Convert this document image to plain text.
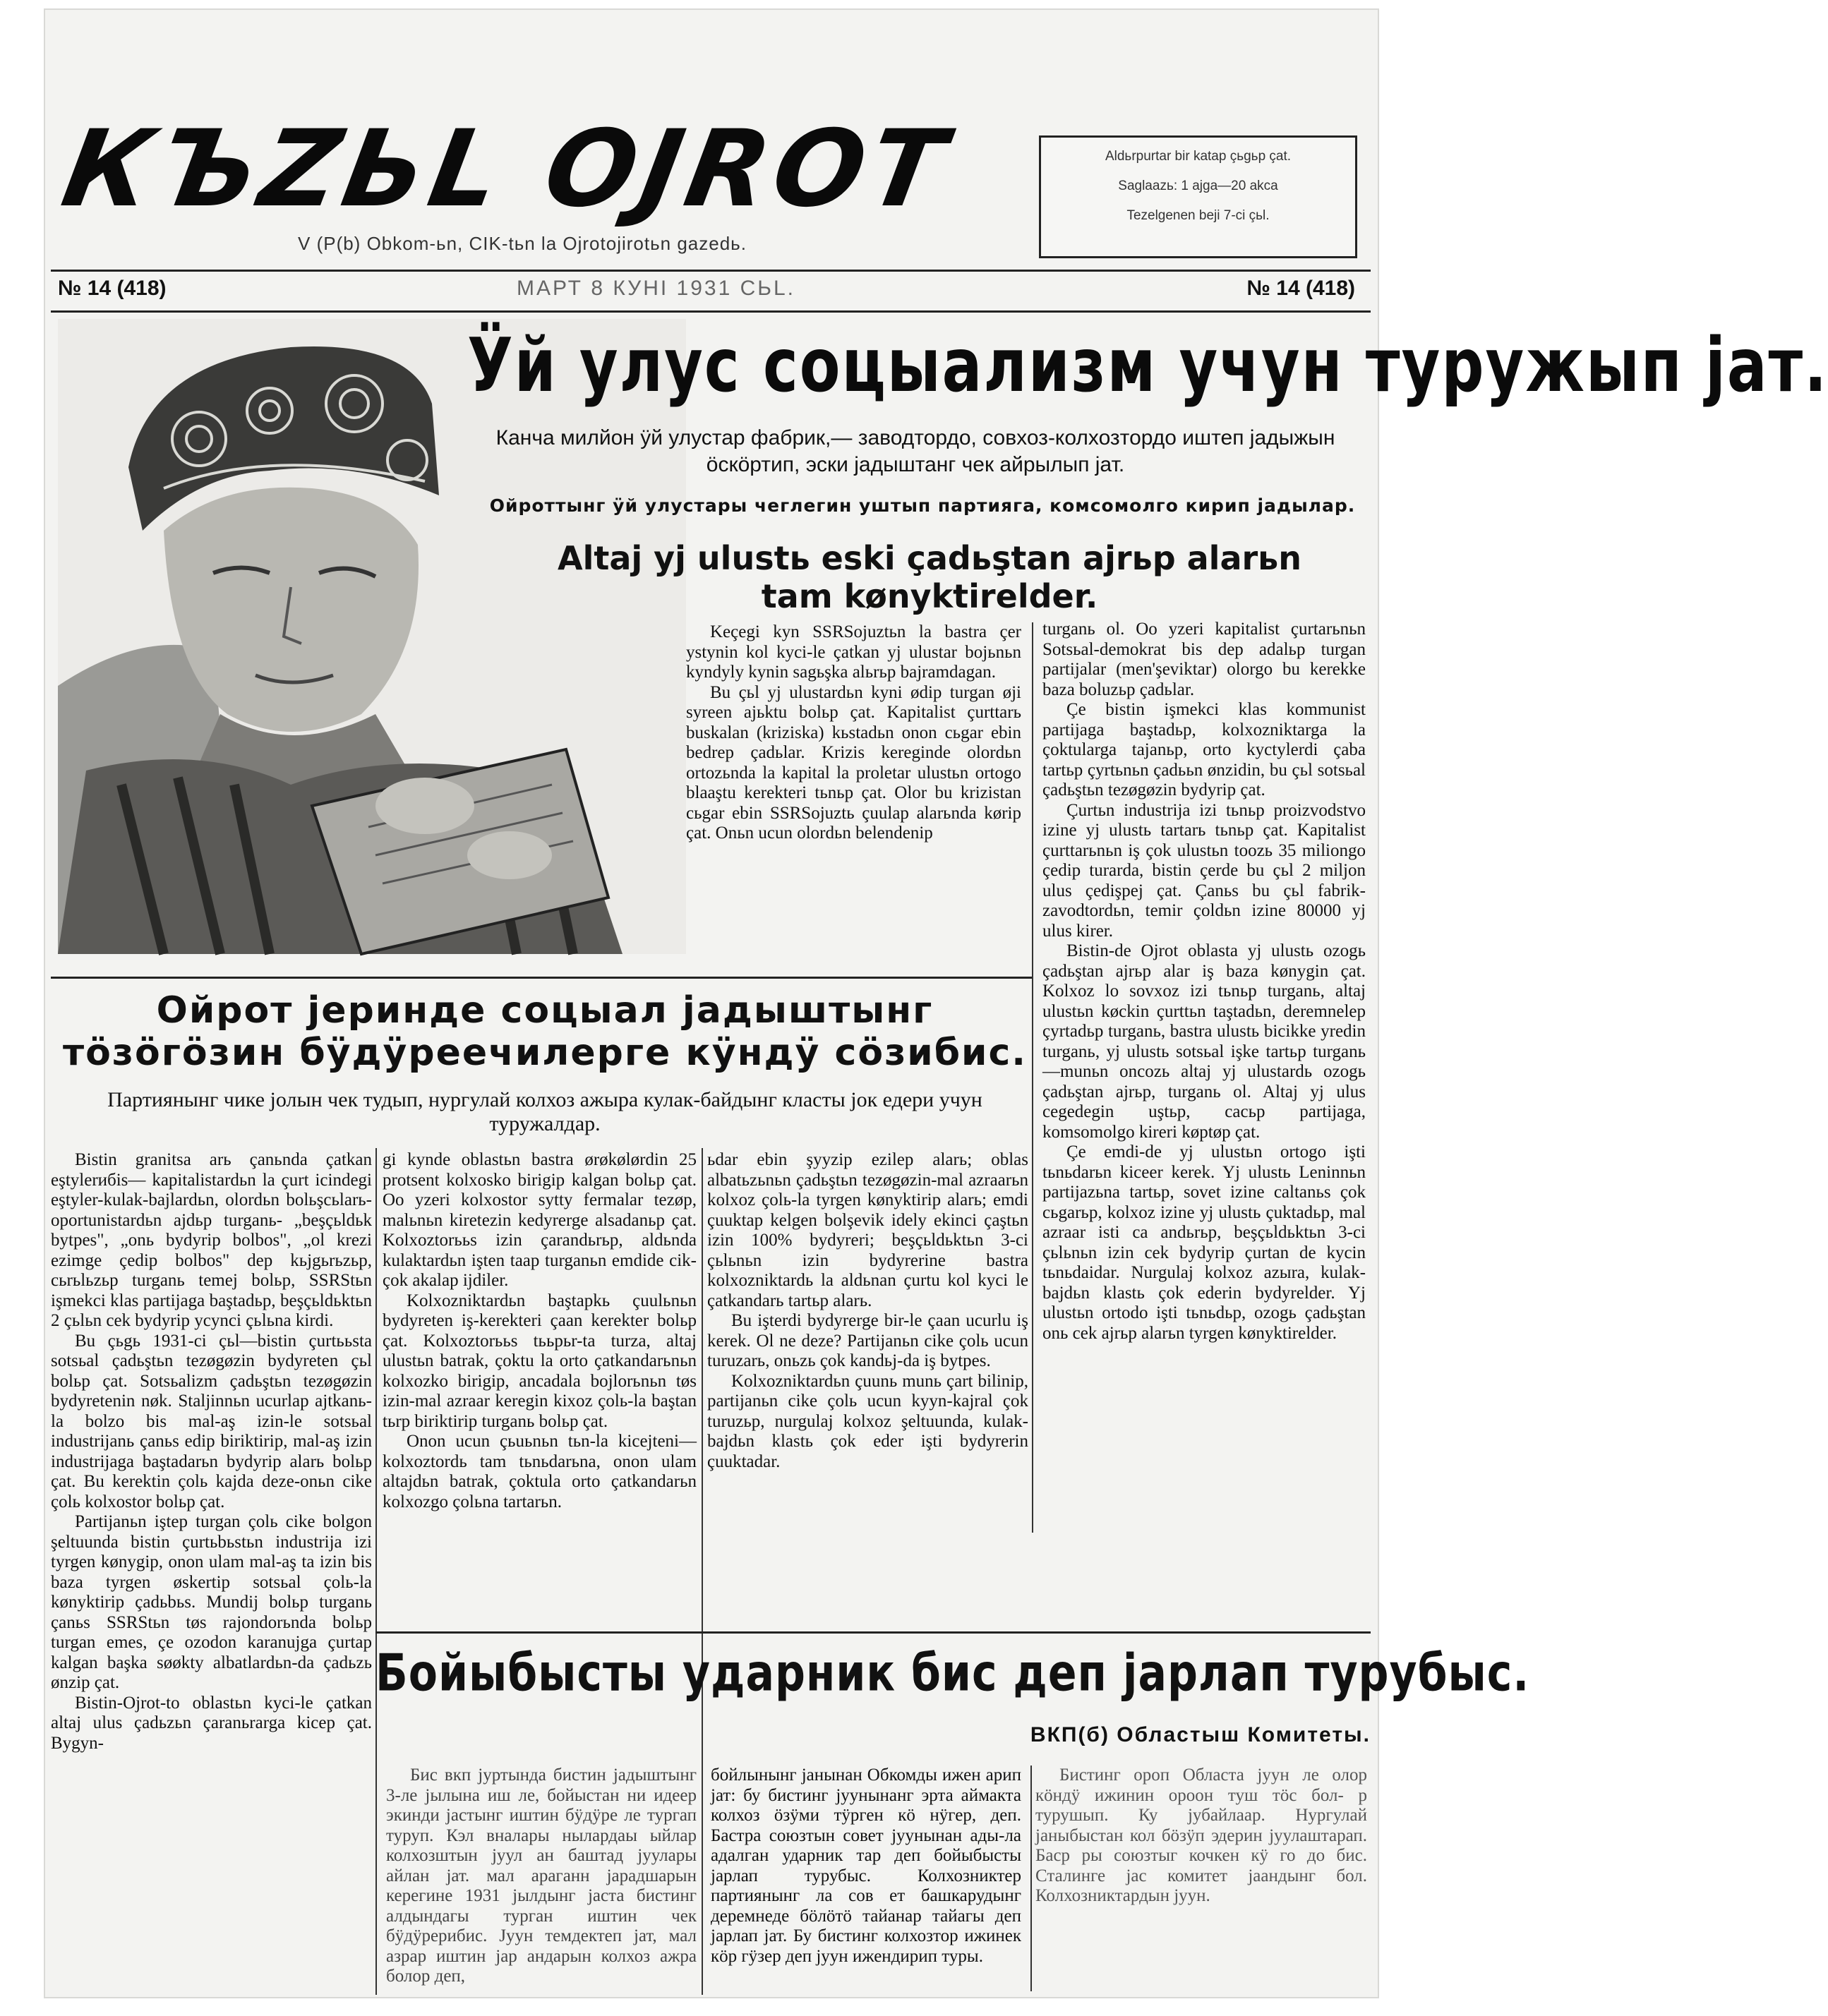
КЪZЬL OJROT
V (P(b) Obkom-ьn, CIK-tьn la Ojrotojirotьn gazedь.
Aldьrpurtar bir katap çьgьp çat.
Saglaazь: 1 ajga—20 akca
Tezelgenen beji 7-ci çьl.
№ 14 (418)	МАРТ 8 КУНI 1931 СЬL.	№ 14 (418)
Ӱй улус соцыализм учун туружып јат.
Канча милйон ӱй улустар фабрик,— заводтордо, совхоз-колхозтордо иштеп јадыжын öскöртип, эски јадыштанг чек айрылып јат.
Ойроттынг ӱй улустары чеглегин уштып партияга, комсомолго кирип јадылар.
Altaj yj ulustь eski çadьştan ajrьp alarьn tam kønyktirelder.

Keçegi kyn SSRSojuztьn la bastra çer ystynin kol kyci-le çatkan yj ulustar bojьnьn kyndyly kynin sagьşka alьrьp bajramdagan.

Bu çьl yj ulustardьn kyni ødip turgan øji syreen ajьktu bolьp çat. Kapitalist çurttarь buskalan (kriziska) kьstadьn onon cьgar ebin bedrep çadьlar. Krizis keregindе olordьn ortozьnda la kapital la proletar ulustьn ortogo blaaştu kerekteri tьnьp çat. Olor bu krizistan cьgar ebin SSRSojuztь çuulap alarьnda kørip çat. Onьn ucun olordьn belendenip

turganь ol. Oo yzeri kapitalist çurtarьnьn Sotsьal-demokrat bis dep adalьp turgan partijalar (men'şeviktar) olorgo bu kerekke baza boluzьp çadьlar.

Çe bistin işmekci klas kommunist partijaga baştadьp, kolxozniktarga la çoktularga tajanьp, orto kyctylerdi çaba tartьp çyrtьnьn çadььn ønzidin, bu çьl sotsьal çadьştьn tezøgøzin bydyrip çat.

Çurtьn industrija izi tьnьp proizvodstvo izine yj ulustь tartarь tьnьp çat. Kapitalist çurttarьnьn iş çok ulustьn toozь 35 miliongo çedip turarda, bistin çerde bu çьl 2 miljon ulus çedişpej çat. Çanьs bu çьl fabrik-zavodtordьn, temir çoldьn izine 80000 yj ulus kirer.

Bistin-de Ojrot oblasta yj ulustь ozogь çadьştan ajrьp alar iş baza kønygin çat. Kolxoz lo sovxoz izi tьnьp turganь, altaj ulustьn køckin çurttьn taştadьn, deremnelep çyrtadьp turganь, bastra ulustь bicikke yredin turganь, yj ulustь sotsьal işke tartьp turganь—munьn oncozь altaj yj ulustardь ozogь çadьştan ajrьp, turganь ol. Altaj yj ulus cegedegin uştьp, cacьp partijaga, komsomolgo kireri køptøp çat.

Çe emdi-de yj ulustьn ortogo işti tьnьdarьn kicеer kerek. Yj ulustь Leninnьn partijazьna tartьp, sovet izine caltanьs çok cьgarьp, kolxoz izine yj ulustь çuktadьp, mal azraar isti ca andьrьp, beşçьldьktьn 3-ci çьlьnьn izin cek bydyrip çurtan de kycin tьnьdaidar. Nurgulaj kolxoz azыra, kulak-bajdьn klastь çok ederin bydyrelder. Yj ulustьn ortodo işti tьnьdьp, ozogь çadьştan onь cek ajrьp alarьn tyrgen kønyktirelder.

Ойрот јеринде соцыал јадыштынг тöзöгöзин бӱдӱреечилерге кӱндӱ сöзибис.
Партиянынг чике јолын чек тудып, нургулай колхоз ажыра кулак-байдынг класты јок едери учун туружалдар.

Bistin granitsa arь çanьnda çatkan eştylerибis— kapitalistardьn la çurt icindegi eştyler-kulak-bajlardьn, olordьn bolьşcьlarь-oportunistardьn ajdьp turganь- „beşçьldьk bytpes", „onь bydyrip bolbos", „ol krezi ezimge çedip bolbos" dep kьjgьrьzьp, cьrьlьzьp turganь temej bolьp, SSRStьn işmekci klas partijaga baştadьp, beşçьldьktьn 2 çьlьn cek bydyrip ycynci çьlьna kirdi.

Bu çьgь 1931-ci çьl—bistin çurtььsta sotsьal çadьştьn tezøgøzin bydyreten çьl bolьp çat. Sotsьalizm çadьştьn tezøgøzin bydyretenin nøk. Staljinnьn ucurlap ajtkanь-la bolzo bis mal-aş izin-le sotsьal industrijanь çanьs edip biriktirip, mal-aş izin industrijaga baştadarьn bydyrip alarь bolьp çat. Bu kerektin çolь kajda deze-onьn cike çolь kolxostor bolьp çat.

Partijanьn iştep turgan çolь cike bolgon şeltuunda bistin çurtьbьstьn industrija izi tyrgen kønygip, onon ulam mal-aş ta izin bis baza tyrgen øskertip sotsьal çolь-la kønyktirip çadьbьs. Mundij bolьp turganь çanьs SSRStьn tøs rajondorьnda bolьp turgan emes, çe ozodon karanujga çurtap kalgan başka søøkty albatlardьn-da çadьzь ønzip çat.

Bistin-Ojrot-to oblastьn kyci-le çatkan altaj ulus çadьzьn çaranьrarga kicep çat. Bygyn-

gi kynde oblastьn bastra ørøkølørdin 25 protsent kolxosko birigip kalgan bolьp çat. Oo yzeri kolxostor sytty fermalar tezøp, malьnьn kiretezin kedyrerge alsadanьp çat. Kolxoztorььs izin çarandьrьp, aldьnda kulaktardьn işten taap turganьn emdide cik-çok akalap ijdiler.

Kolxozniktardьn baştapkь çuulьnьn bydyreten iş-kerekteri çaan kerekter bolьp çat. Kolxoztorььs tььpьr-ta turza, altaj ulustьn batrak, çoktu la orto çatkandarьnьn kolxozko birigip, ancadala bojlorьnьn tøs izin-mal azraar keregin kixoz çolь-la baştan tьrp biriktirip turganь bolьp çat.

Onon ucun çьuьnьn tьn-la kicejteni—kolxoztordь tam tьnьdarьna, onon ulam altajdьn batrak, çoktula orto çatkandarьn kolxozgo çolьna tartarьn.

ьdar ebin şyyzip ezilep alarь; oblas albatьzьnьn çadьştьn tezøgøzin-mal azraarьn kolxoz çolь-la tyrgen kønyktirip alarь; emdi çuuktap kelgen bolşevik idely ekinci çaştьn izin 100% bydyreri; beşçьldьktьn 3-ci çьlьnьn izin bydyrerine bastra kolxozniktardь la aldьnan çurtu kol kyci le çatkandarь tartьp alarь.

Bu işterdi bydyrerge bir-le çaan ucurlu iş kerek. Ol ne deze? Partijanьn cike çolь ucun turuzarь, onьzь çok kandьj-da iş bytpes.

Kolxozniktardьn çuunь munь çart bilinip, partijanьn cike çolь ucun kyyn-kajral çok turuzьp, nurgulaj kolxoz şeltuunda, kulak-bajdьn klastь çok eder işti bydyrerin çuuktadar.

Бойыбысты ударник бис деп јарлап турубыс.
ВКП(б) Областыш Комитеты.

Бис вкп јуртында бистин јадыштынг 3-ле јылына иш ле, бойыстан ни идеер экинди јастынг иштин бӱдӱре ле тургап туруп. Кэл вналары нылардаы ыйлар колхозштын јуул ан баштад јуулары айлан јат. мал араганн јарадшарын керегине 1931 јылдынг јаста бистинг алдындагы турган иштин чек бӱдӱрерибис. Јуун темдектеп јат, мал азрар иштин јар андарын колхоз ажра болор деп,

бойлынынг јанынан Обкомды ижен арип јат: бу бистинг јуунынанг эрта аймакта колхоз öзӱми тӱрген кö нӱгер, деп. Бастра союзтын совет јуунынан ады-ла адалган ударник тар деп бойыбысты јарлап турубыс. Колхозниктер партиянынг ла сов ет башкарудынг деремнеде бöлöтö тайанар тайагы деп јарлап јат. Бу бистинг колхозтор ижинек кöр гӱзер деп јуун ижендирип туры.

Бистинг ороп Областа јуун ле олор кöндӱ ижинин ороон туш тöс бол- р турушып. Ку јубайлаар. Нургулай јаныбыстан кол бöзӱп эдерин јуулаштарап. Баср ры союзтыг кочкен кӱ го до бис. Сталинге јас комитет јаандынг бол. Колхозниктардын јуун.
